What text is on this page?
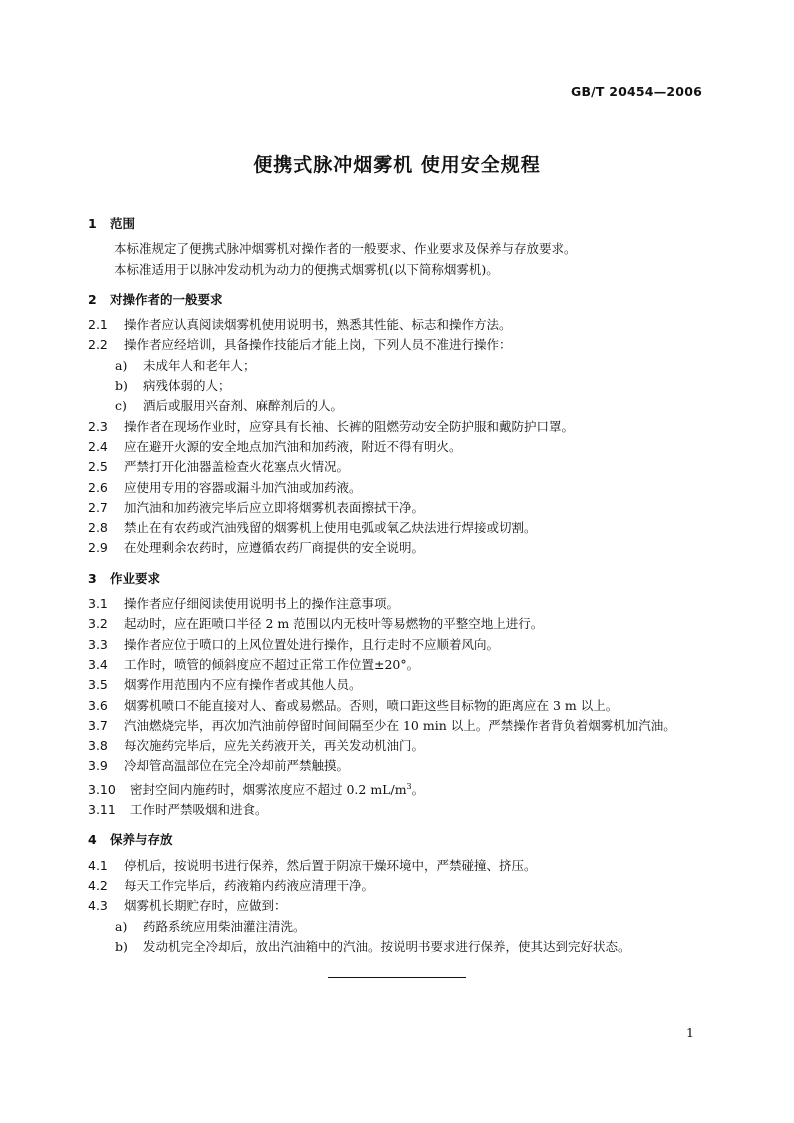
GB/T 20454—2006
便携式脉冲烟雾机 使用安全规程
1 范围
本标准规定了便携式脉冲烟雾机对操作者的一般要求、作业要求及保养与存放要求。
本标准适用于以脉冲发动机为动力的便携式烟雾机(以下简称烟雾机)。
2 对操作者的一般要求
2.1 操作者应认真阅读烟雾机使用说明书，熟悉其性能、标志和操作方法。
2.2 操作者应经培训，具备操作技能后才能上岗，下列人员不准进行操作：
a) 未成年人和老年人；
b) 病残体弱的人；
c) 酒后或服用兴奋剂、麻醉剂后的人。
2.3 操作者在现场作业时，应穿具有长袖、长裤的阻燃劳动安全防护服和戴防护口罩。
2.4 应在避开火源的安全地点加汽油和加药液，附近不得有明火。
2.5 严禁打开化油器盖检查火花塞点火情况。
2.6 应使用专用的容器或漏斗加汽油或加药液。
2.7 加汽油和加药液完毕后应立即将烟雾机表面擦拭干净。
2.8 禁止在有农药或汽油残留的烟雾机上使用电弧或氧乙炔法进行焊接或切割。
2.9 在处理剩余农药时，应遵循农药厂商提供的安全说明。
3 作业要求
3.1 操作者应仔细阅读使用说明书上的操作注意事项。
3.2 起动时，应在距喷口半径 2 m 范围以内无枝叶等易燃物的平整空地上进行。
3.3 操作者应位于喷口的上风位置处进行操作，且行走时不应顺着风向。
3.4 工作时，喷管的倾斜度应不超过正常工作位置±20°。
3.5 烟雾作用范围内不应有操作者或其他人员。
3.6 烟雾机喷口不能直接对人、畜或易燃品。否则，喷口距这些目标物的距离应在 3 m 以上。
3.7 汽油燃烧完毕，再次加汽油前停留时间间隔至少在 10 min 以上。严禁操作者背负着烟雾机加汽油。
3.8 每次施药完毕后，应先关药液开关，再关发动机油门。
3.9 冷却管高温部位在完全冷却前严禁触摸。
3.10 密封空间内施药时，烟雾浓度应不超过 0.2 $mL/m^3$。
3.11 工作时严禁吸烟和进食。
4 保养与存放
4.1 停机后，按说明书进行保养，然后置于阴凉干燥环境中，严禁碰撞、挤压。
4.2 每天工作完毕后，药液箱内药液应清理干净。
4.3 烟雾机长期贮存时，应做到：
a) 药路系统应用柴油灌注清洗。
b) 发动机完全冷却后，放出汽油箱中的汽油。按说明书要求进行保养，使其达到完好状态。
1
